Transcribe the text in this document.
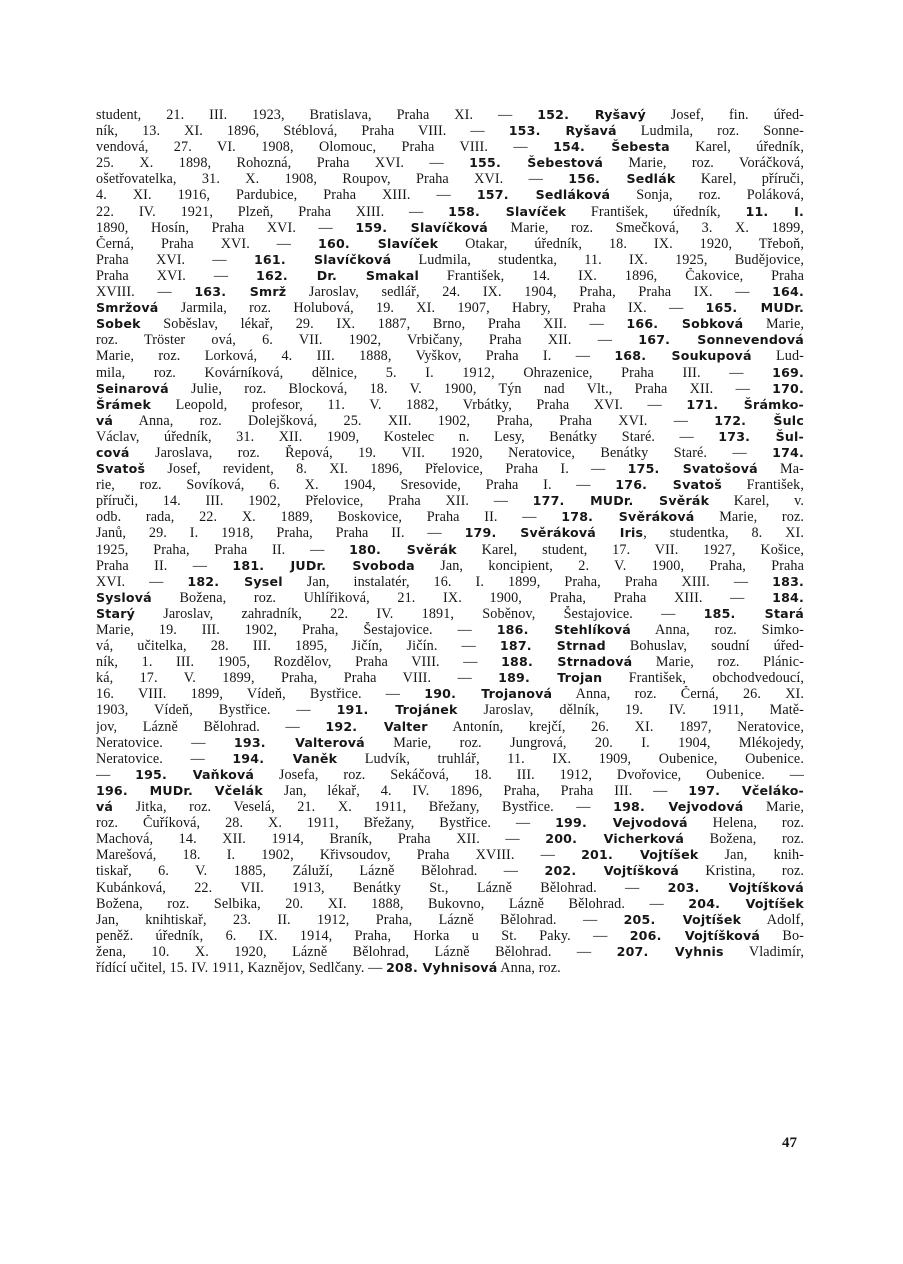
student, 21. III. 1923, Bratislava, Praha XI. — 152. Ryšavý Josef, fin. úřed-
ník, 13. XI. 1896, Stéblová, Praha VIII. — 153. Ryšavá Ludmila, roz. Sonne-
vendová, 27. VI. 1908, Olomouc, Praha VIII. — 154. Šebesta Karel, úředník,
25. X. 1898, Rohozná, Praha XVI. — 155. Šebestová Marie, roz. Voráčková,
ošetřovatelka, 31. X. 1908, Roupov, Praha XVI. — 156. Sedlák Karel, příruči,
4. XI. 1916, Pardubice, Praha XIII. — 157. Sedláková Sonja, roz. Poláková,
22. IV. 1921, Plzeň, Praha XIII. — 158. Slavíček František, úředník, 11. I.
1890, Hosín, Praha XVI. — 159. Slavíčková Marie, roz. Smečková, 3. X. 1899,
Černá, Praha XVI. — 160. Slavíček Otakar, úředník, 18. IX. 1920, Třeboň,
Praha XVI. — 161. Slavíčková Ludmila, studentka, 11. IX. 1925, Budějovice,
Praha XVI. — 162. Dr. Smakal František, 14. IX. 1896, Čakovice, Praha
XVIII. — 163. Smrž Jaroslav, sedlář, 24. IX. 1904, Praha, Praha IX. — 164.
Smržová Jarmila, roz. Holubová, 19. XI. 1907, Habry, Praha IX. — 165. MUDr.
Sobek Soběslav, lékař, 29. IX. 1887, Brno, Praha XII. — 166. Sobková Marie,
roz. Tröster ová, 6. VII. 1902, Vrbičany, Praha XII. — 167. Sonnevendová
Marie, roz. Lorková, 4. III. 1888, Vyškov, Praha I. — 168. Soukupová Lud-
mila, roz. Kovárníková, dělnice, 5. I. 1912, Ohrazenice, Praha III. — 169.
Seinarová Julie, roz. Blocková, 18. V. 1900, Týn nad Vlt., Praha XII. — 170.
Šrámek Leopold, profesor, 11. V. 1882, Vrbátky, Praha XVI. — 171. Šrámko-
vá Anna, roz. Dolejšková, 25. XII. 1902, Praha, Praha XVI. — 172. Šulc
Václav, úředník, 31. XII. 1909, Kostelec n. Lesy, Benátky Staré. — 173. Šul-
cová Jaroslava, roz. Řepová, 19. VII. 1920, Neratovice, Benátky Staré. — 174.
Svatoš Josef, revident, 8. XI. 1896, Přelovice, Praha I. — 175. Svatošová Ma-
rie, roz. Sovíková, 6. X. 1904, Sresovide, Praha I. — 176. Svatoš František,
příruči, 14. III. 1902, Přelovice, Praha XII. — 177. MUDr. Svěrák Karel, v.
odb. rada, 22. X. 1889, Boskovice, Praha II. — 178. Svěráková Marie, roz.
Janů, 29. I. 1918, Praha, Praha II. — 179. Svěráková Iris, studentka, 8. XI.
1925, Praha, Praha II. — 180. Svěrák Karel, student, 17. VII. 1927, Košice,
Praha II. — 181. JUDr. Svoboda Jan, koncipient, 2. V. 1900, Praha, Praha
XVI. — 182. Sysel Jan, instalatér, 16. I. 1899, Praha, Praha XIII. — 183.
Syslová Božena, roz. Uhlířiková, 21. IX. 1900, Praha, Praha XIII. — 184.
Starý Jaroslav, zahradník, 22. IV. 1891, Soběnov, Šestajovice. — 185. Stará
Marie, 19. III. 1902, Praha, Šestajovice. — 186. Stehlíková Anna, roz. Simko-
vá, učitelka, 28. III. 1895, Jičín, Jičín. — 187. Strnad Bohuslav, soudní úřed-
ník, 1. III. 1905, Rozdělov, Praha VIII. — 188. Strnadová Marie, roz. Plánic-
ká, 17. V. 1899, Praha, Praha VIII. — 189. Trojan František, obchodvedoucí,
16. VIII. 1899, Vídeň, Bystřice. — 190. Trojanová Anna, roz. Černá, 26. XI.
1903, Vídeň, Bystřice. — 191. Trojánek Jaroslav, dělník, 19. IV. 1911, Matě-
jov, Lázně Bělohrad. — 192. Valter Antonín, krejčí, 26. XI. 1897, Neratovice,
Neratovice. — 193. Valterová Marie, roz. Jungrová, 20. I. 1904, Mlékojedy,
Neratovice. — 194. Vaněk Ludvík, truhlář, 11. IX. 1909, Oubenice, Oubenice.
— 195. Vaňková Josefa, roz. Sekáčová, 18. III. 1912, Dvořovice, Oubenice. —
196. MUDr. Včelák Jan, lékař, 4. IV. 1896, Praha, Praha III. — 197. Včeláko-
vá Jitka, roz. Veselá, 21. X. 1911, Břežany, Bystřice. — 198. Vejvodová Marie,
roz. Čuříková, 28. X. 1911, Břežany, Bystřice. — 199. Vejvodová Helena, roz.
Machová, 14. XII. 1914, Braník, Praha XII. — 200. Vicherková Božena, roz.
Marešová, 18. I. 1902, Křivsoudov, Praha XVIII. — 201. Vojtíšek Jan, knih-
tiskař, 6. V. 1885, Záluží, Lázně Bělohrad. — 202. Vojtíšková Kristina, roz.
Kubánková, 22. VII. 1913, Benátky St., Lázně Bělohrad. — 203. Vojtíšková
Božena, roz. Selbika, 20. XI. 1888, Bukovno, Lázně Bělohrad. — 204. Vojtíšek
Jan, knihtiskař, 23. II. 1912, Praha, Lázně Bělohrad. — 205. Vojtíšek Adolf,
peněž. úředník, 6. IX. 1914, Praha, Horka u St. Paky. — 206. Vojtíšková Bo-
žena, 10. X. 1920, Lázně Bělohrad, Lázně Bělohrad. — 207. Vyhnis Vladimír,
řídící učitel, 15. IV. 1911, Kaznějov, Sedlčany. — 208. Vyhnisová Anna, roz.
47
